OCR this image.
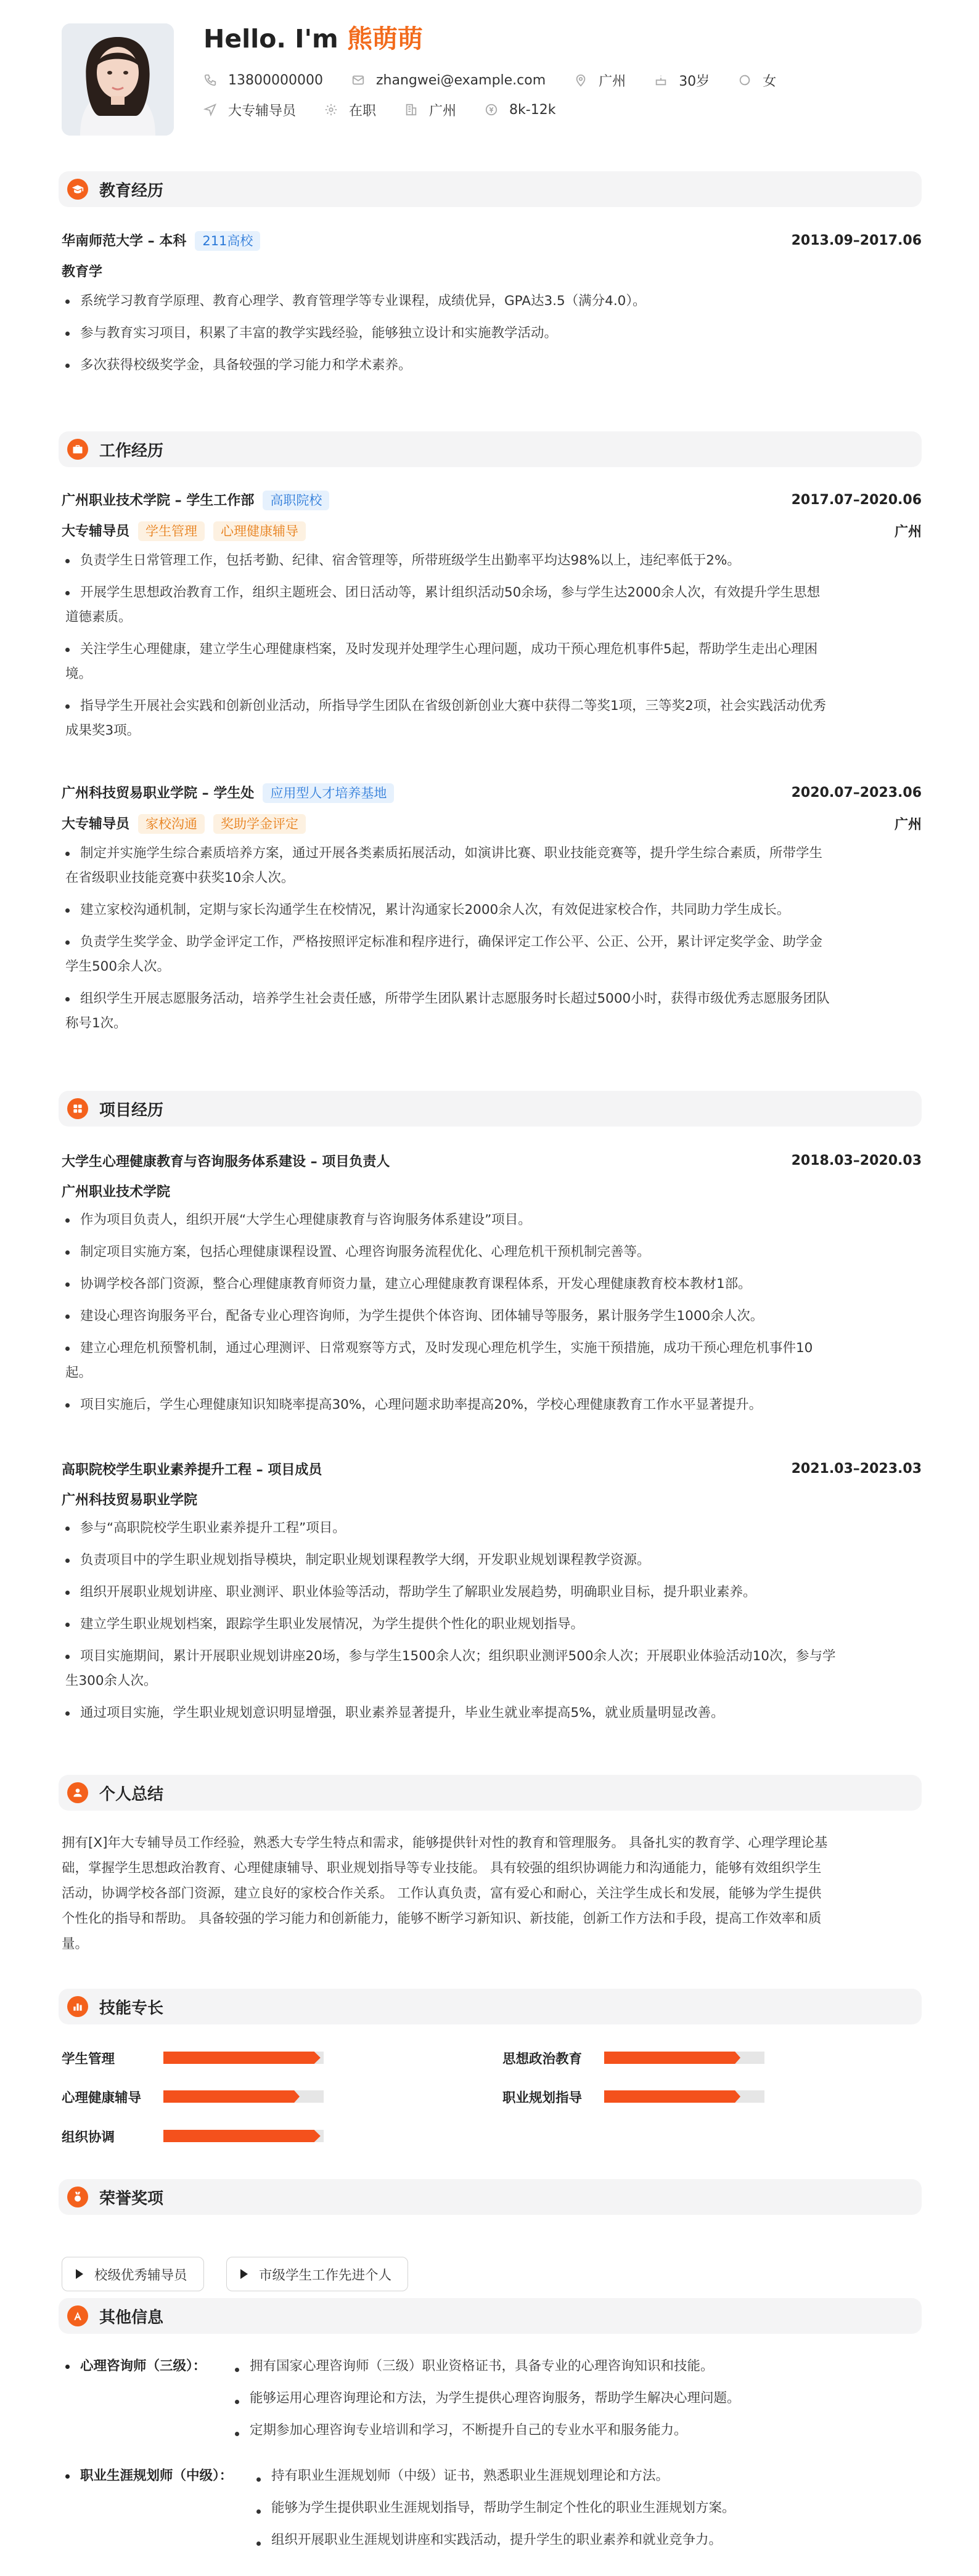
Hello. I'm 熊萌萌
13800000000	zhangwei@example.com	广州	30岁	女
大专辅导员	在职	广州	8k-12k
教育经历
华南师范大学 – 本科 211高校	2013.09–2017.06
教育学
系统学习教育学原理、教育心理学、教育管理学等专业课程，成绩优异，GPA达3.5（满分4.0）。
参与教育实习项目，积累了丰富的教学实践经验，能够独立设计和实施教学活动。
多次获得校级奖学金，具备较强的学习能力和学术素养。
工作经历
广州职业技术学院 – 学生工作部 高职院校	2017.07–2020.06
大专辅导员 学生管理 心理健康辅导	广州
负责学生日常管理工作，包括考勤、纪律、宿舍管理等，所带班级学生出勤率平均达98%以上，违纪率低于2%。
开展学生思想政治教育工作，组织主题班会、团日活动等，累计组织活动50余场，参与学生达2000余人次，有效提升学生思想
道德素质。
关注学生心理健康，建立学生心理健康档案，及时发现并处理学生心理问题，成功干预心理危机事件5起，帮助学生走出心理困
境。
指导学生开展社会实践和创新创业活动，所指导学生团队在省级创新创业大赛中获得二等奖1项，三等奖2项，社会实践活动优秀
成果奖3项。
广州科技贸易职业学院 – 学生处 应用型人才培养基地	2020.07–2023.06
大专辅导员 家校沟通 奖助学金评定	广州
制定并实施学生综合素质培养方案，通过开展各类素质拓展活动，如演讲比赛、职业技能竞赛等，提升学生综合素质，所带学生
在省级职业技能竞赛中获奖10余人次。
建立家校沟通机制，定期与家长沟通学生在校情况，累计沟通家长2000余人次，有效促进家校合作，共同助力学生成长。
负责学生奖学金、助学金评定工作，严格按照评定标准和程序进行，确保评定工作公平、公正、公开，累计评定奖学金、助学金
学生500余人次。
组织学生开展志愿服务活动，培养学生社会责任感，所带学生团队累计志愿服务时长超过5000小时，获得市级优秀志愿服务团队
称号1次。
项目经历
大学生心理健康教育与咨询服务体系建设 – 项目负责人	2018.03–2020.03
广州职业技术学院
作为项目负责人，组织开展“大学生心理健康教育与咨询服务体系建设”项目。
制定项目实施方案，包括心理健康课程设置、心理咨询服务流程优化、心理危机干预机制完善等。
协调学校各部门资源，整合心理健康教育师资力量，建立心理健康教育课程体系，开发心理健康教育校本教材1部。
建设心理咨询服务平台，配备专业心理咨询师，为学生提供个体咨询、团体辅导等服务，累计服务学生1000余人次。
建立心理危机预警机制，通过心理测评、日常观察等方式，及时发现心理危机学生，实施干预措施，成功干预心理危机事件10
起。
项目实施后，学生心理健康知识知晓率提高30%，心理问题求助率提高20%，学校心理健康教育工作水平显著提升。
高职院校学生职业素养提升工程 – 项目成员	2021.03–2023.03
广州科技贸易职业学院
参与“高职院校学生职业素养提升工程”项目。
负责项目中的学生职业规划指导模块，制定职业规划课程教学大纲，开发职业规划课程教学资源。
组织开展职业规划讲座、职业测评、职业体验等活动，帮助学生了解职业发展趋势，明确职业目标，提升职业素养。
建立学生职业规划档案，跟踪学生职业发展情况，为学生提供个性化的职业规划指导。
项目实施期间，累计开展职业规划讲座20场，参与学生1500余人次；组织职业测评500余人次；开展职业体验活动10次，参与学
生300余人次。
通过项目实施，学生职业规划意识明显增强，职业素养显著提升，毕业生就业率提高5%，就业质量明显改善。
个人总结
拥有[X]年大专辅导员工作经验，熟悉大专学生特点和需求，能够提供针对性的教育和管理服务。 具备扎实的教育学、心理学理论基
础，掌握学生思想政治教育、心理健康辅导、职业规划指导等专业技能。 具有较强的组织协调能力和沟通能力，能够有效组织学生
活动，协调学校各部门资源，建立良好的家校合作关系。 工作认真负责，富有爱心和耐心，关注学生成长和发展，能够为学生提供
个性化的指导和帮助。 具备较强的学习能力和创新能力，能够不断学习新知识、新技能，创新工作方法和手段，提高工作效率和质
量。
技能专长
学生管理	思想政治教育
心理健康辅导	职业规划指导
组织协调
荣誉奖项
校级优秀辅导员	市级学生工作先进个人
其他信息
心理咨询师（三级）：	拥有国家心理咨询师（三级）职业资格证书，具备专业的心理咨询知识和技能。
能够运用心理咨询理论和方法，为学生提供心理咨询服务，帮助学生解决心理问题。
定期参加心理咨询专业培训和学习，不断提升自己的专业水平和服务能力。
职业生涯规划师（中级）：	持有职业生涯规划师（中级）证书，熟悉职业生涯规划理论和方法。
能够为学生提供职业生涯规划指导，帮助学生制定个性化的职业生涯规划方案。
组织开展职业生涯规划讲座和实践活动，提升学生的职业素养和就业竞争力。
